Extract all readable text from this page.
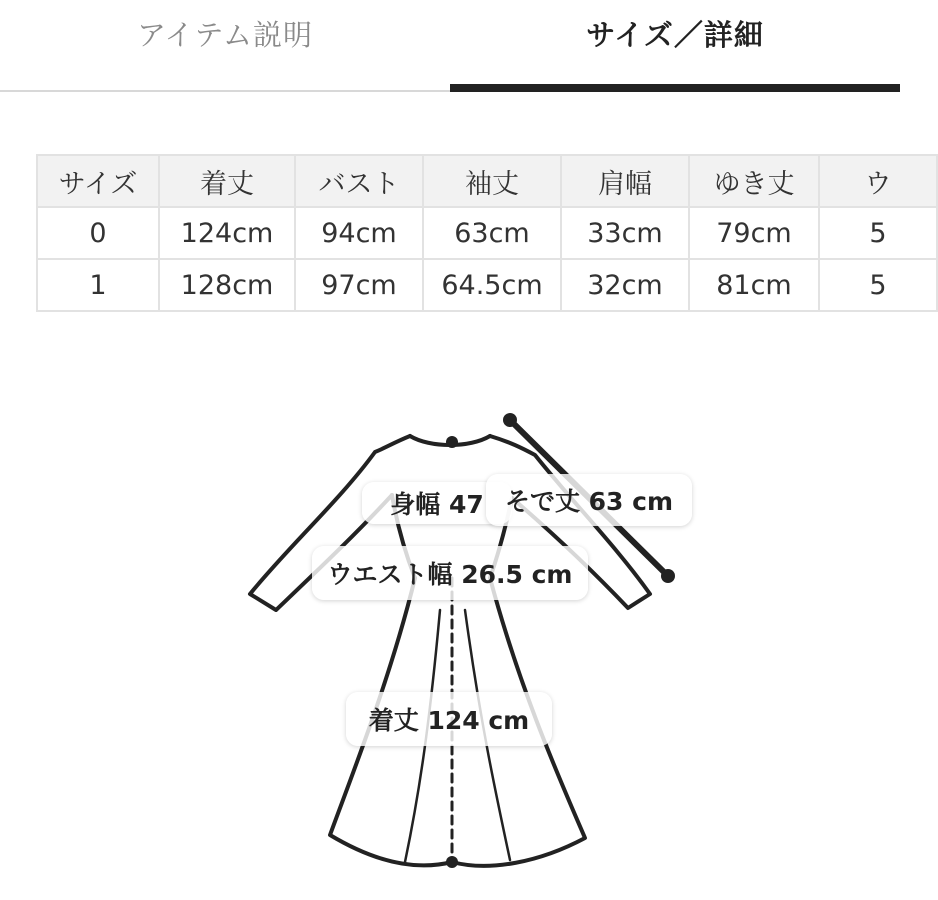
アイテム説明	サイズ／詳細
サイズ	着丈	バスト	袖丈	肩幅	ゆき丈	ウ
0	124cm	94cm	63cm	33cm	79cm	5
1	128cm	97cm	64.5cm	32cm	81cm	5
身幅 47 そで丈 63 cm
ウエスト幅 26.5 cm
着丈 124 cm
